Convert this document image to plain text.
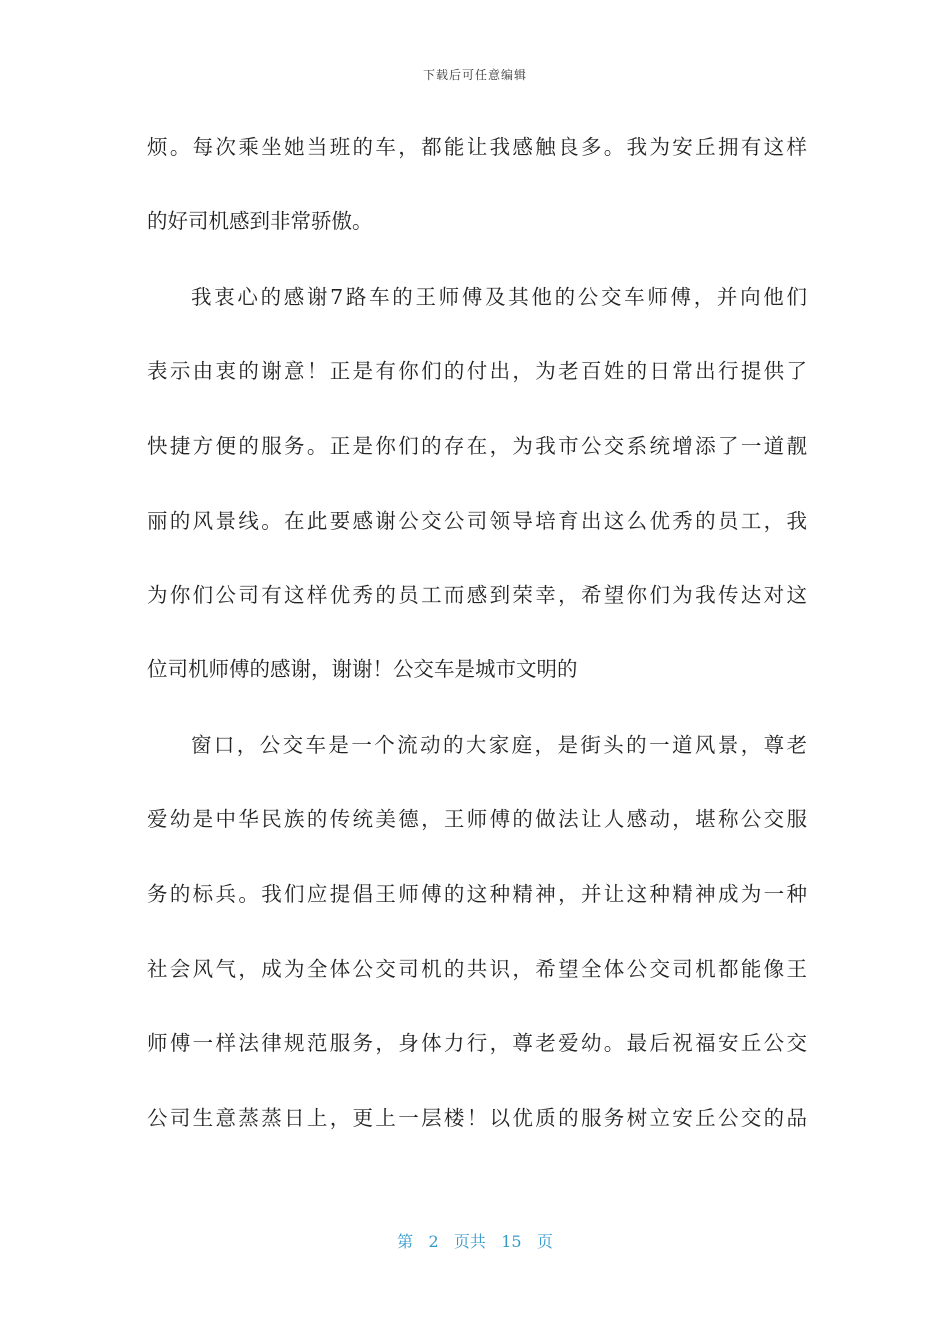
下载后可任意编辑
烦。每次乘坐她当班的车，都能让我感触良多。我为安丘拥有这样
的好司机感到非常骄傲。
我衷心的感谢7路车的王师傅及其他的公交车师傅，并向他们
表示由衷的谢意！正是有你们的付出，为老百姓的日常出行提供了
快捷方便的服务。正是你们的存在，为我市公交系统增添了一道靓
丽的风景线。在此要感谢公交公司领导培育出这么优秀的员工，我
为你们公司有这样优秀的员工而感到荣幸，希望你们为我传达对这
位司机师傅的感谢，谢谢！公交车是城市文明的
窗口，公交车是一个流动的大家庭，是街头的一道风景，尊老
爱幼是中华民族的传统美德，王师傅的做法让人感动，堪称公交服
务的标兵。我们应提倡王师傅的这种精神，并让这种精神成为一种
社会风气，成为全体公交司机的共识，希望全体公交司机都能像王
师傅一样法律规范服务，身体力行，尊老爱幼。最后祝福安丘公交
公司生意蒸蒸日上，更上一层楼！以优质的服务树立安丘公交的品
第 2 页共 15 页
